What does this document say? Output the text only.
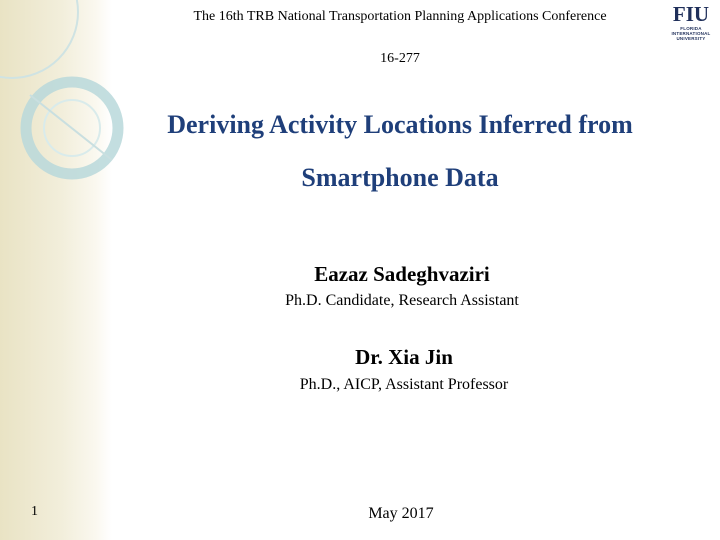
The 16th TRB National Transportation Planning Applications Conference
16-277
Deriving Activity Locations Inferred from
Smartphone Data
Eazaz Sadeghvaziri
Ph.D. Candidate, Research Assistant
Dr. Xia Jin
Ph.D., AICP, Assistant Professor
May 2017
1
FIU
FLORIDA
INTERNATIONAL
UNIVERSITY
